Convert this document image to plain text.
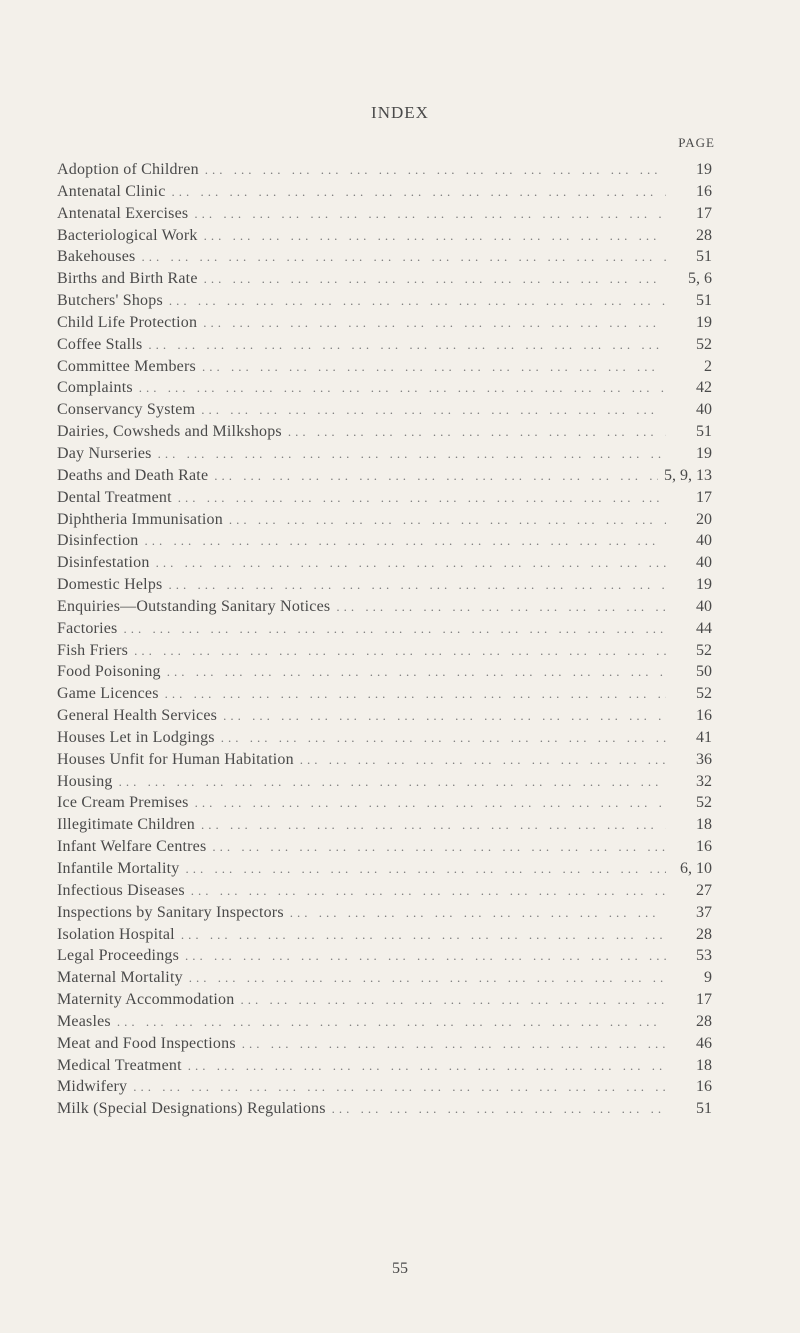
INDEX
PAGE
Adoption of Children ... .	19
Antenatal Clinic ... .	16
Antenatal Exercises ... .	17
Bacteriological Work ... .	28
Bakehouses ... .	51
Births and Birth Rate ... .	5, 6
Butchers' Shops ... .	51
Child Life Protection ... .	19
Coffee Stalls ... .	52
Committee Members ... .	2
Complaints ... .	42
Conservancy System ... .	40
Dairies, Cowsheds and Milkshops ... .	51
Day Nurseries ... .	19
Deaths and Death Rate ... .	5, 9, 13
Dental Treatment ... .	17
Diphtheria Immunisation ... .	20
Disinfection ... .	40
Disinfestation ... .	40
Domestic Helps ... .	19
Enquiries—Outstanding Sanitary Notices ... .	40
Factories ... .	44
Fish Friers ... .	52
Food Poisoning ... .	50
Game Licences ... .	52
General Health Services ... .	16
Houses Let in Lodgings ... .	41
Houses Unfit for Human Habitation ... .	36
Housing ... .	32
Ice Cream Premises ... .	52
Illegitimate Children ... .	18
Infant Welfare Centres ... .	16
Infantile Mortality ... .	6, 10
Infectious Diseases ... .	27
Inspections by Sanitary Inspectors ... .	37
Isolation Hospital ... .	28
Legal Proceedings ... .	53
Maternal Mortality ... .	9
Maternity Accommodation ... .	17
Measles ... .	28
Meat and Food Inspections ... .	46
Medical Treatment ... .	18
Midwifery ... .	16
Milk (Special Designations) Regulations ... .	51
55
